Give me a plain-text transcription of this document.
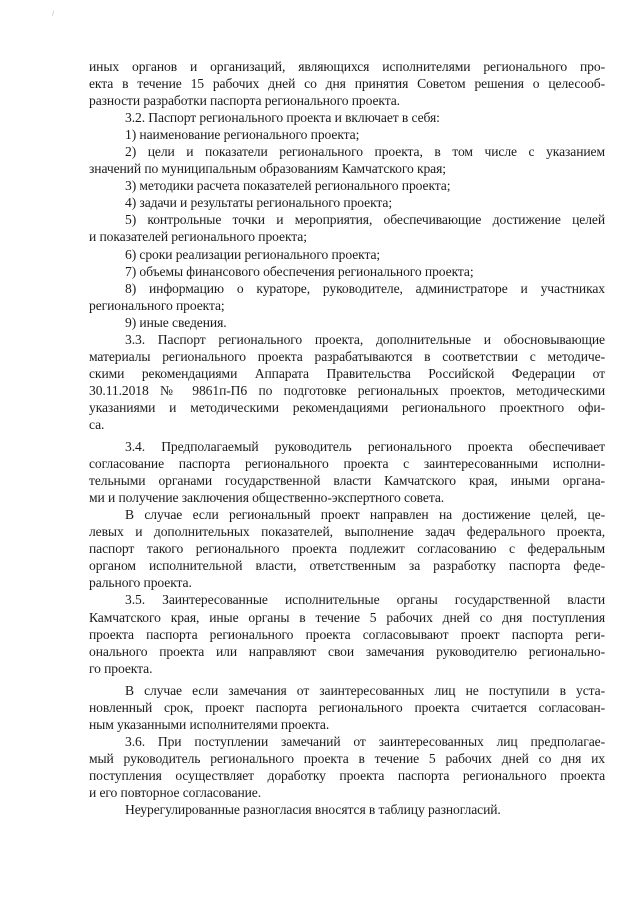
/
иных органов и организаций, являющихся исполнителями регионального про-
екта в течение 15 рабочих дней со дня принятия Советом решения о целесооб-
разности разработки паспорта регионального проекта.
3.2. Паспорт регионального проекта и включает в себя:
1) наименование регионального проекта;
2) цели и показатели регионального проекта, в том числе с указанием
значений по муниципальным образованиям Камчатского края;
3) методики расчета показателей регионального проекта;
4) задачи и результаты регионального проекта;
5) контрольные точки и мероприятия, обеспечивающие достижение целей
и показателей регионального проекта;
6) сроки реализации регионального проекта;
7) объемы финансового обеспечения регионального проекта;
8) информацию о кураторе, руководителе, администраторе и участниках
регионального проекта;
9) иные сведения.
3.3. Паспорт регионального проекта, дополнительные и обосновывающие
материалы регионального проекта разрабатываются в соответствии с методиче-
скими рекомендациями Аппарата Правительства Российской Федерации от
30.11.2018 № 9861п-П6 по подготовке региональных проектов, методическими
указаниями и методическими рекомендациями регионального проектного офи-
са.
3.4. Предполагаемый руководитель регионального проекта обеспечивает
согласование паспорта регионального проекта с заинтересованными исполни-
тельными органами государственной власти Камчатского края, иными органа-
ми и получение заключения общественно-экспертного совета.
В случае если региональный проект направлен на достижение целей, це-
левых и дополнительных показателей, выполнение задач федерального проекта,
паспорт такого регионального проекта подлежит согласованию с федеральным
органом исполнительной власти, ответственным за разработку паспорта феде-
рального проекта.
3.5. Заинтересованные исполнительные органы государственной власти
Камчатского края, иные органы в течение 5 рабочих дней со дня поступления
проекта паспорта регионального проекта согласовывают проект паспорта реги-
онального проекта или направляют свои замечания руководителю регионально-
го проекта.
В случае если замечания от заинтересованных лиц не поступили в уста-
новленный срок, проект паспорта регионального проекта считается согласован-
ным указанными исполнителями проекта.
3.6. При поступлении замечаний от заинтересованных лиц предполагае-
мый руководитель регионального проекта в течение 5 рабочих дней со дня их
поступления осуществляет доработку проекта паспорта регионального проекта
и его повторное согласование.
Неурегулированные разногласия вносятся в таблицу разногласий.
